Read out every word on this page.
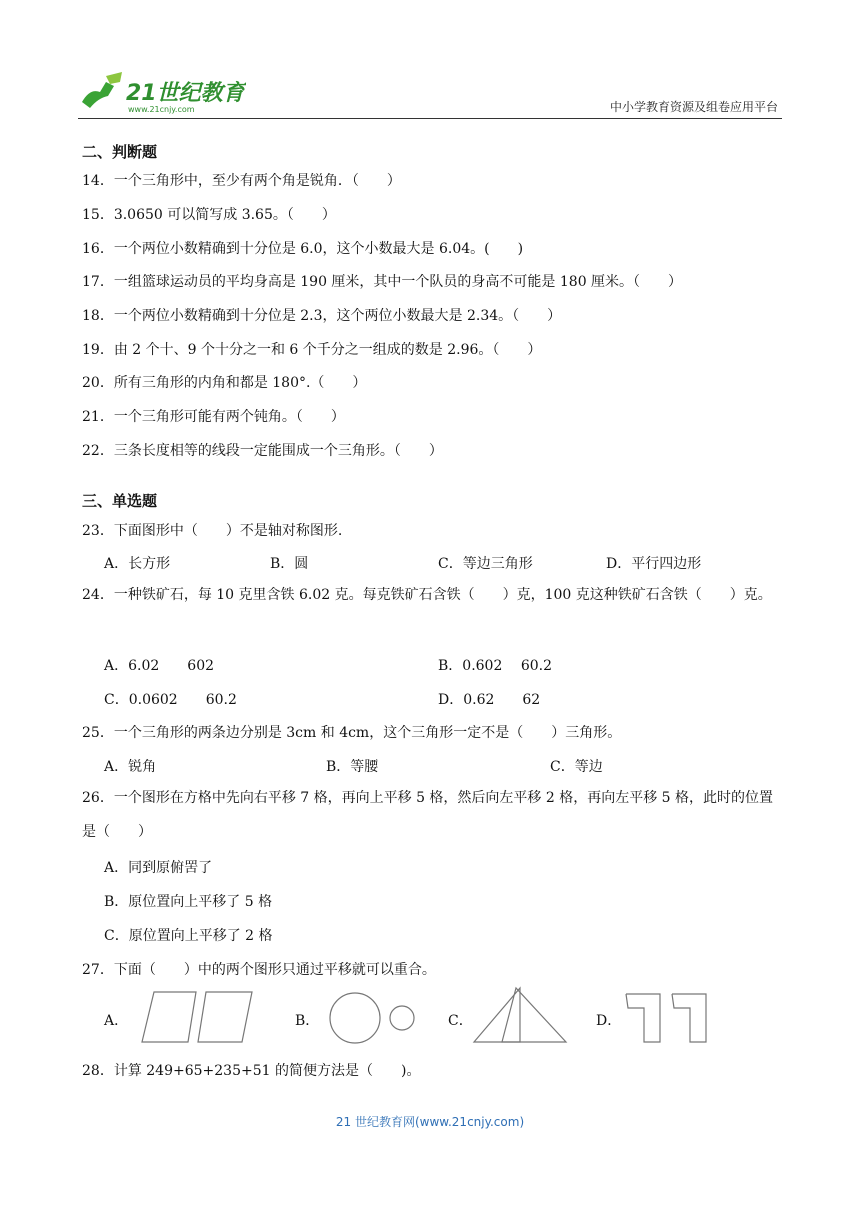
21世纪教育
www.21cnjy.com	中小学教育资源及组卷应用平台
二、判断题
14．一个三角形中，至少有两个角是锐角．（　　）
15．3.0650 可以简写成 3.65。（　　）
16．一个两位小数精确到十分位是 6.0，这个小数最大是 6.04。(　　)
17．一组篮球运动员的平均身高是 190 厘米，其中一个队员的身高不可能是 180 厘米。（　　）
18．一个两位小数精确到十分位是 2.3，这个两位小数最大是 2.34。（　　）
19．由 2 个十、9 个十分之一和 6 个千分之一组成的数是 2.96。（　　）
20．所有三角形的内角和都是 180°.（　　）
21．一个三角形可能有两个钝角。（　　）
22．三条长度相等的线段一定能围成一个三角形。（　　）
三、单选题
23．下面图形中（　　）不是轴对称图形.
A．长方形	B．圆	C．等边三角形	D．平行四边形
24．一种铁矿石，每 10 克里含铁 6.02 克。每克铁矿石含铁（　　）克，100 克这种铁矿石含铁（　　）克。
A．6.02　　602	B．0.602　 60.2
C．0.0602　　60.2	D．0.62　　62
25．一个三角形的两条边分别是 3cm 和 4cm，这个三角形一定不是（　　）三角形。
A．锐角	B．等腰	C．等边
26．一个图形在方格中先向右平移 7 格，再向上平移 5 格，然后向左平移 2 格，再向左平移 5 格，此时的位置是（　　）
A．同到原俯罟了
B．原位置向上平移了 5 格
C．原位置向上平移了 2 格
27．下面（　　）中的两个图形只通过平移就可以重合。
A．	B．	C．	D．
28．计算 249+65+235+51 的简便方法是（　　)。
21 世纪教育网(www.21cnjy.com)
